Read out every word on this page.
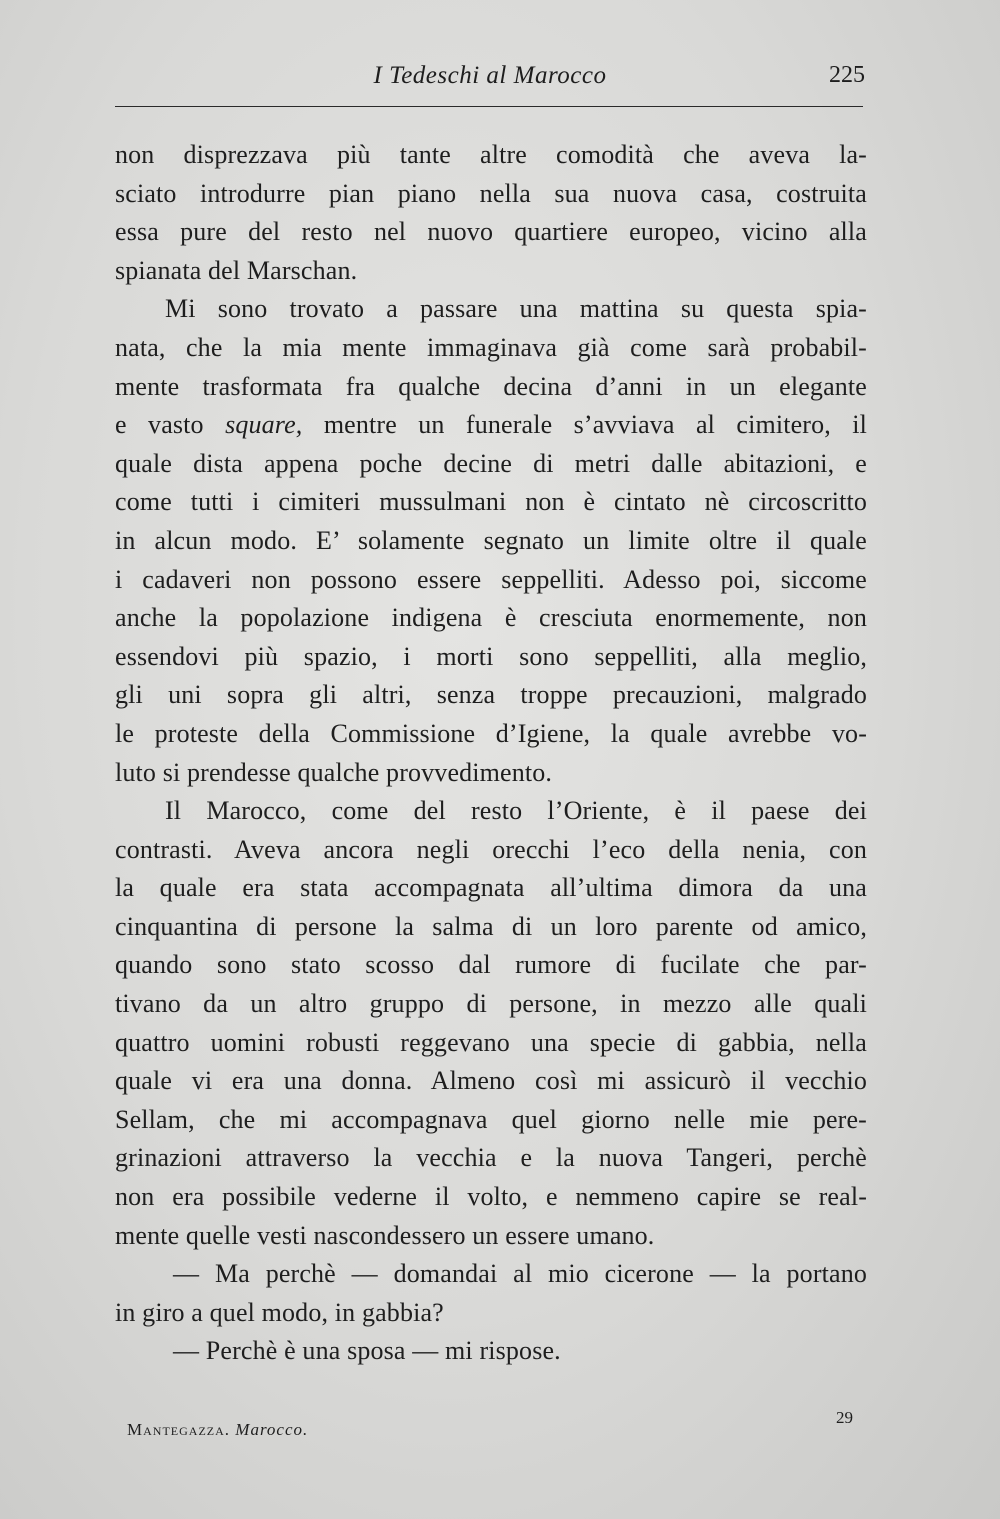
I Tedeschi al Marocco	225
non disprezzava più tante altre comodità che aveva la-
sciato introdurre pian piano nella sua nuova casa, costruita
essa pure del resto nel nuovo quartiere europeo, vicino alla
spianata del Marschan.
Mi sono trovato a passare una mattina su questa spia-
nata, che la mia mente immaginava già come sarà probabil-
mente trasformata fra qualche decina d’anni in un elegante
e vasto square, mentre un funerale s’avviava al cimitero, il
quale dista appena poche decine di metri dalle abitazioni, e
come tutti i cimiteri mussulmani non è cintato nè circoscritto
in alcun modo. E’ solamente segnato un limite oltre il quale
i cadaveri non possono essere seppelliti. Adesso poi, siccome
anche la popolazione indigena è cresciuta enormemente, non
essendovi più spazio, i morti sono seppelliti, alla meglio,
gli uni sopra gli altri, senza troppe precauzioni, malgrado
le proteste della Commissione d’Igiene, la quale avrebbe vo-
luto si prendesse qualche provvedimento.
Il Marocco, come del resto l’Oriente, è il paese dei
contrasti. Aveva ancora negli orecchi l’eco della nenia, con
la quale era stata accompagnata all’ultima dimora da una
cinquantina di persone la salma di un loro parente od amico,
quando sono stato scosso dal rumore di fucilate che par-
tivano da un altro gruppo di persone, in mezzo alle quali
quattro uomini robusti reggevano una specie di gabbia, nella
quale vi era una donna. Almeno così mi assicurò il vecchio
Sellam, che mi accompagnava quel giorno nelle mie pere-
grinazioni attraverso la vecchia e la nuova Tangeri, perchè
non era possibile vederne il volto, e nemmeno capire se real-
mente quelle vesti nascondessero un essere umano.
— Ma perchè — domandai al mio cicerone — la portano
in giro a quel modo, in gabbia?
— Perchè è una sposa — mi rispose.
Mantegazza. Marocco.
29
